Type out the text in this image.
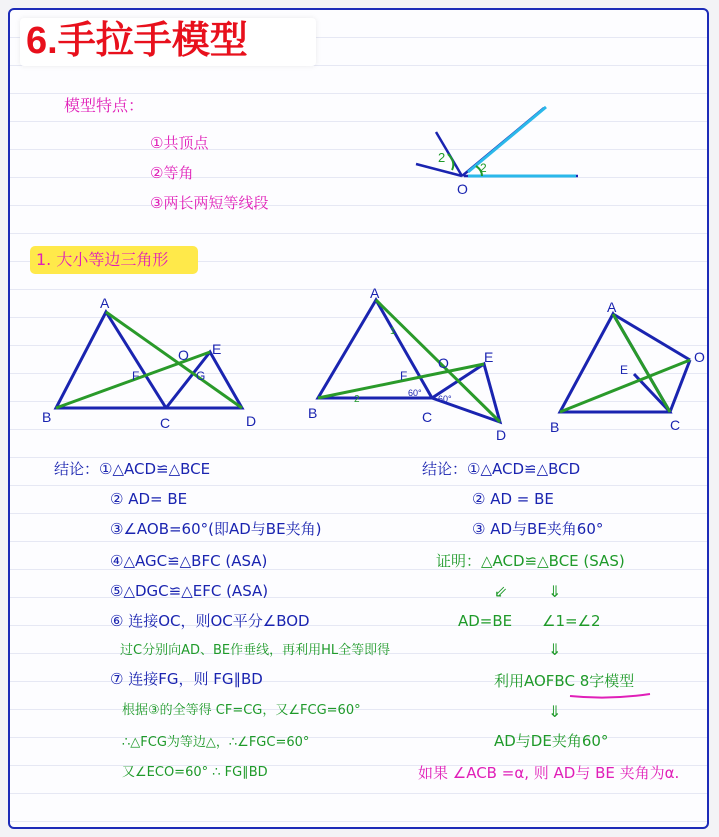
6.手拉手模型
模型特点：
①共顶点
②等角
③两长两短等线段
2
2
O
1. 大小等边三角形
A
B	C	D
E
O
F	G
A
B	C
D
E
F
O
1
2
60°
60°
A
B	C
O
E
结论：①△ACD≌△BCE
② AD= BE
③∠AOB=60°(即AD与BE夹角)
④△AGC≌△BFC (ASA)
⑤△DGC≌△EFC (ASA)
⑥ 连接OC，则OC平分∠BOD
过C分别向AD、BE作垂线，再利用HL全等即得
⑦ 连接FG，则 FG∥BD
根据③的全等得 CF=CG，又∠FCG=60°
∴△FCG为等边△，∴∠FGC=60°
又∠ECO=60° ∴ FG∥BD
结论：①△ACD≌△BCD
② AD = BE
③ AD与BE夹角60°
证明：△ACD≌△BCE (SAS)
⇙	⇓
AD=BE ∠1=∠2
⇓
利用AOFBC 8字模型
⇓
AD与DE夹角60°
如果 ∠ACB =α, 则 AD与 BE 夹角为α.
